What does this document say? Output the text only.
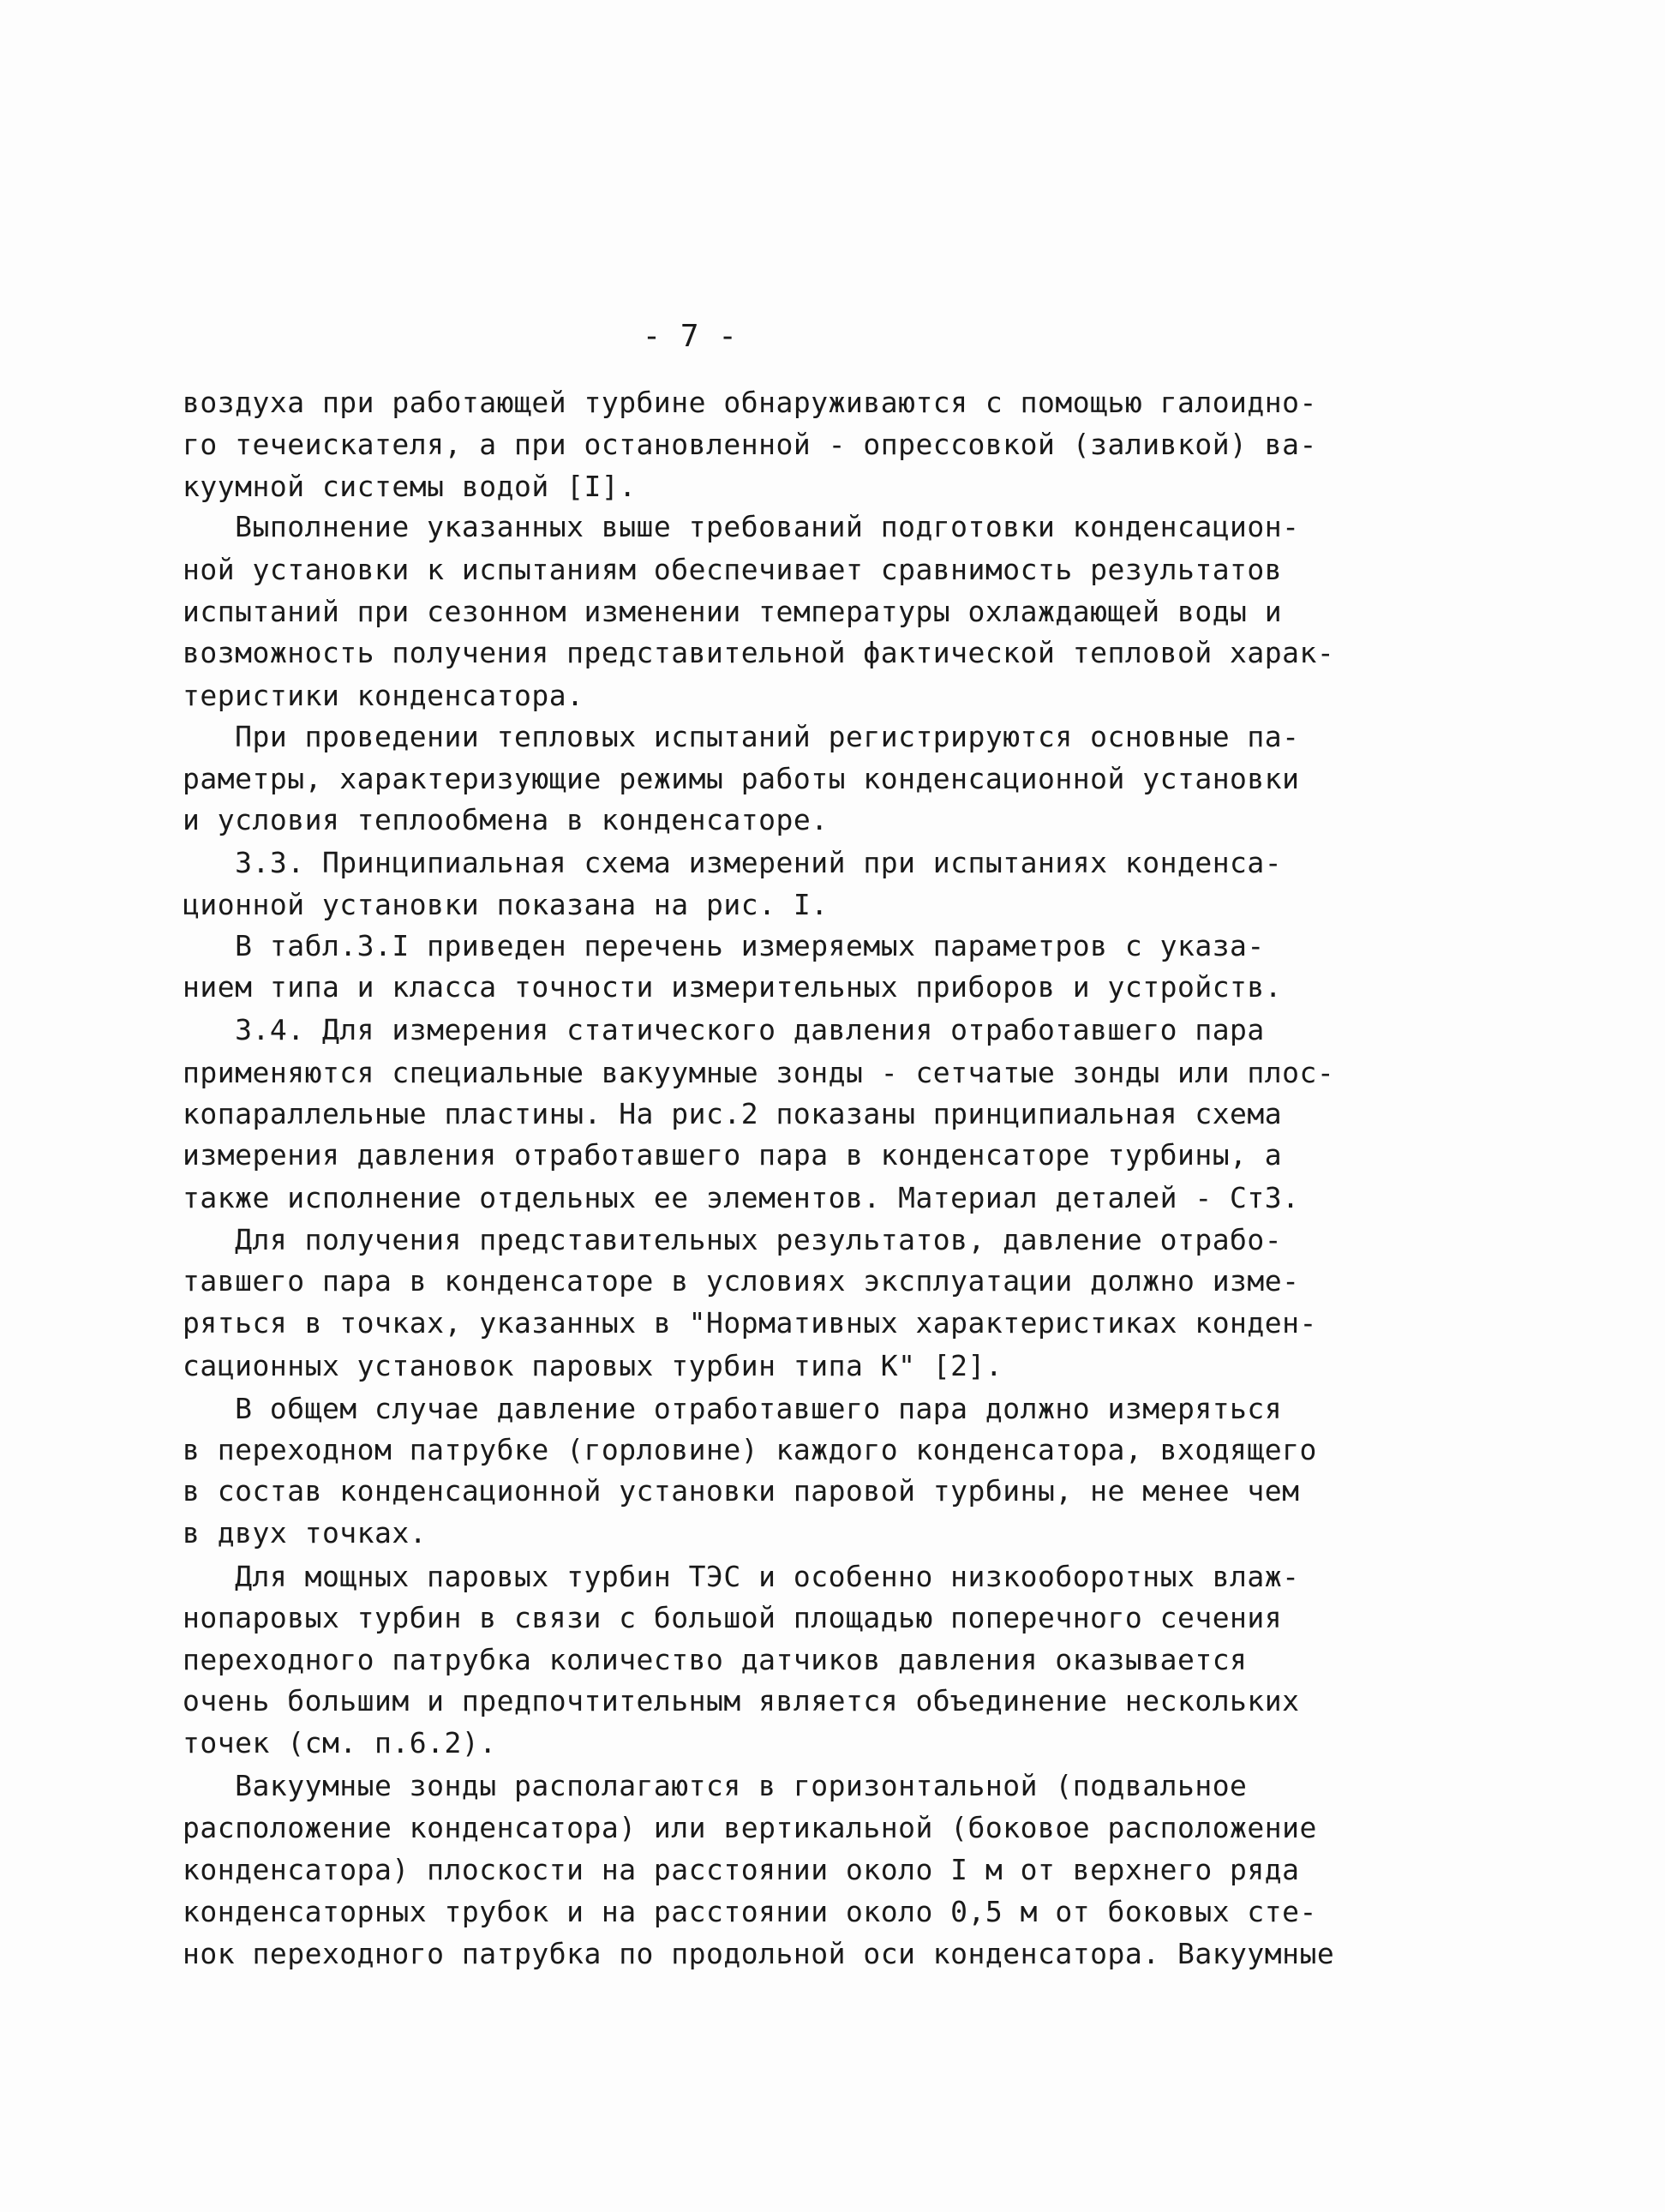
- 7 -
воздуха при работающей турбине обнаруживаются с помощью галоидно-
го течеискателя, а при остановленной - опрессовкой (заливкой) ва-
куумной системы водой [I].
Выполнение указанных выше требований подготовки конденсацион-
ной установки к испытаниям обеспечивает сравнимость результатов
испытаний при сезонном изменении температуры охлаждающей воды и
возможность получения представительной фактической тепловой харак-
теристики конденсатора.
При проведении тепловых испытаний регистрируются основные па-
раметры, характеризующие режимы работы конденсационной установки
и условия теплообмена в конденсаторе.
3.3. Принципиальная схема измерений при испытаниях конденса-
ционной установки показана на рис. I.
В табл.3.I приведен перечень измеряемых параметров с указа-
нием типа и класса точности измерительных приборов и устройств.
3.4. Для измерения статического давления отработавшего пара
применяются специальные вакуумные зонды - сетчатые зонды или плос-
копараллельные пластины. На рис.2 показаны принципиальная схема
измерения давления отработавшего пара в конденсаторе турбины, а
также исполнение отдельных ее элементов. Материал деталей - Ст3.
Для получения представительных результатов, давление отрабо-
тавшего пара в конденсаторе в условиях эксплуатации должно изме-
ряться в точках, указанных в "Нормативных характеристиках конден-
сационных установок паровых турбин типа К" [2].
В общем случае давление отработавшего пара должно измеряться
в переходном патрубке (горловине) каждого конденсатора, входящего
в состав конденсационной установки паровой турбины, не менее чем
в двух точках.
Для мощных паровых турбин ТЭС и особенно низкооборотных влаж-
нопаровых турбин в связи с большой площадью поперечного сечения
переходного патрубка количество датчиков давления оказывается
очень большим и предпочтительным является объединение нескольких
точек (см. п.6.2).
Вакуумные зонды располагаются в горизонтальной (подвальное
расположение конденсатора) или вертикальной (боковое расположение
конденсатора) плоскости на расстоянии около I м от верхнего ряда
конденсаторных трубок и на расстоянии около 0,5 м от боковых сте-
нок переходного патрубка по продольной оси конденсатора. Вакуумные
